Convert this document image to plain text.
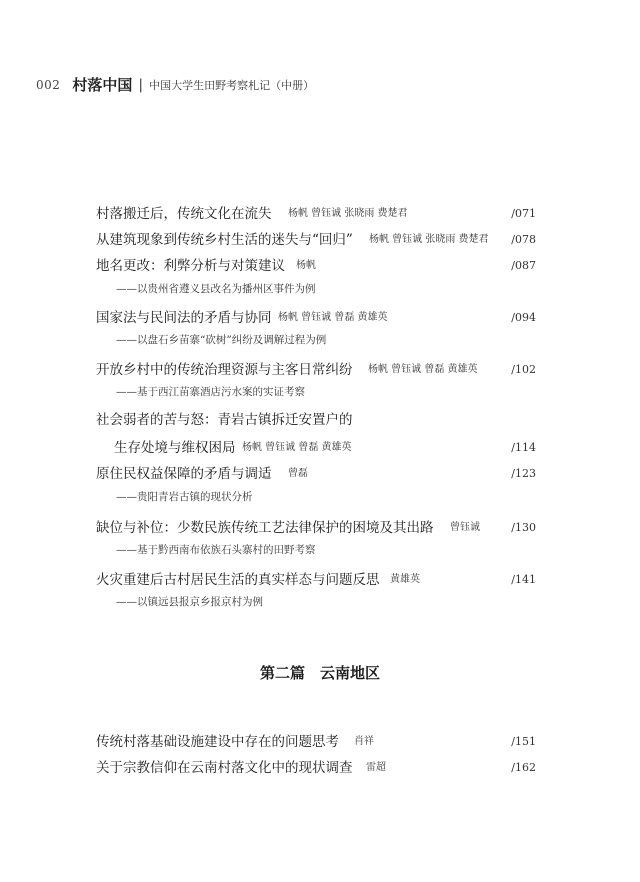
002 村落中国 | 中国大学生田野考察札记（中册）
村落搬迁后，传统文化在流失 杨帆 曾钰诚 张晓雨 费楚君	/071
从建筑现象到传统乡村生活的迷失与“回归” 杨帆 曾钰诚 张晓雨 费楚君 /078
地名更改：利弊分析与对策建议 杨帆	/087
——以贵州省遵义县改名为播州区事件为例
国家法与民间法的矛盾与协同 杨帆 曾钰诚 曾磊 黄雄英	/094
——以盘石乡苗寨“砍树”纠纷及调解过程为例
开放乡村中的传统治理资源与主客日常纠纷 杨帆 曾钰诚 曾磊 黄雄英	/102
——基于西江苗寨酒店污水案的实证考察
社会弱者的苦与怒：青岩古镇拆迁安置户的
生存处境与维权困局 杨帆 曾钰诚 曾磊 黄雄英	/114
原住民权益保障的矛盾与调适 曾磊	/123
——贵阳青岩古镇的现状分析
缺位与补位：少数民族传统工艺法律保护的困境及其出路 曾钰诚	/130
——基于黔西南布依族石头寨村的田野考察
火灾重建后古村居民生活的真实样态与问题反思 黄雄英	/141
——以镇远县报京乡报京村为例
第二篇　云南地区
传统村落基础设施建设中存在的问题思考 肖祥	/151
关于宗教信仰在云南村落文化中的现状调查 雷超	/162
